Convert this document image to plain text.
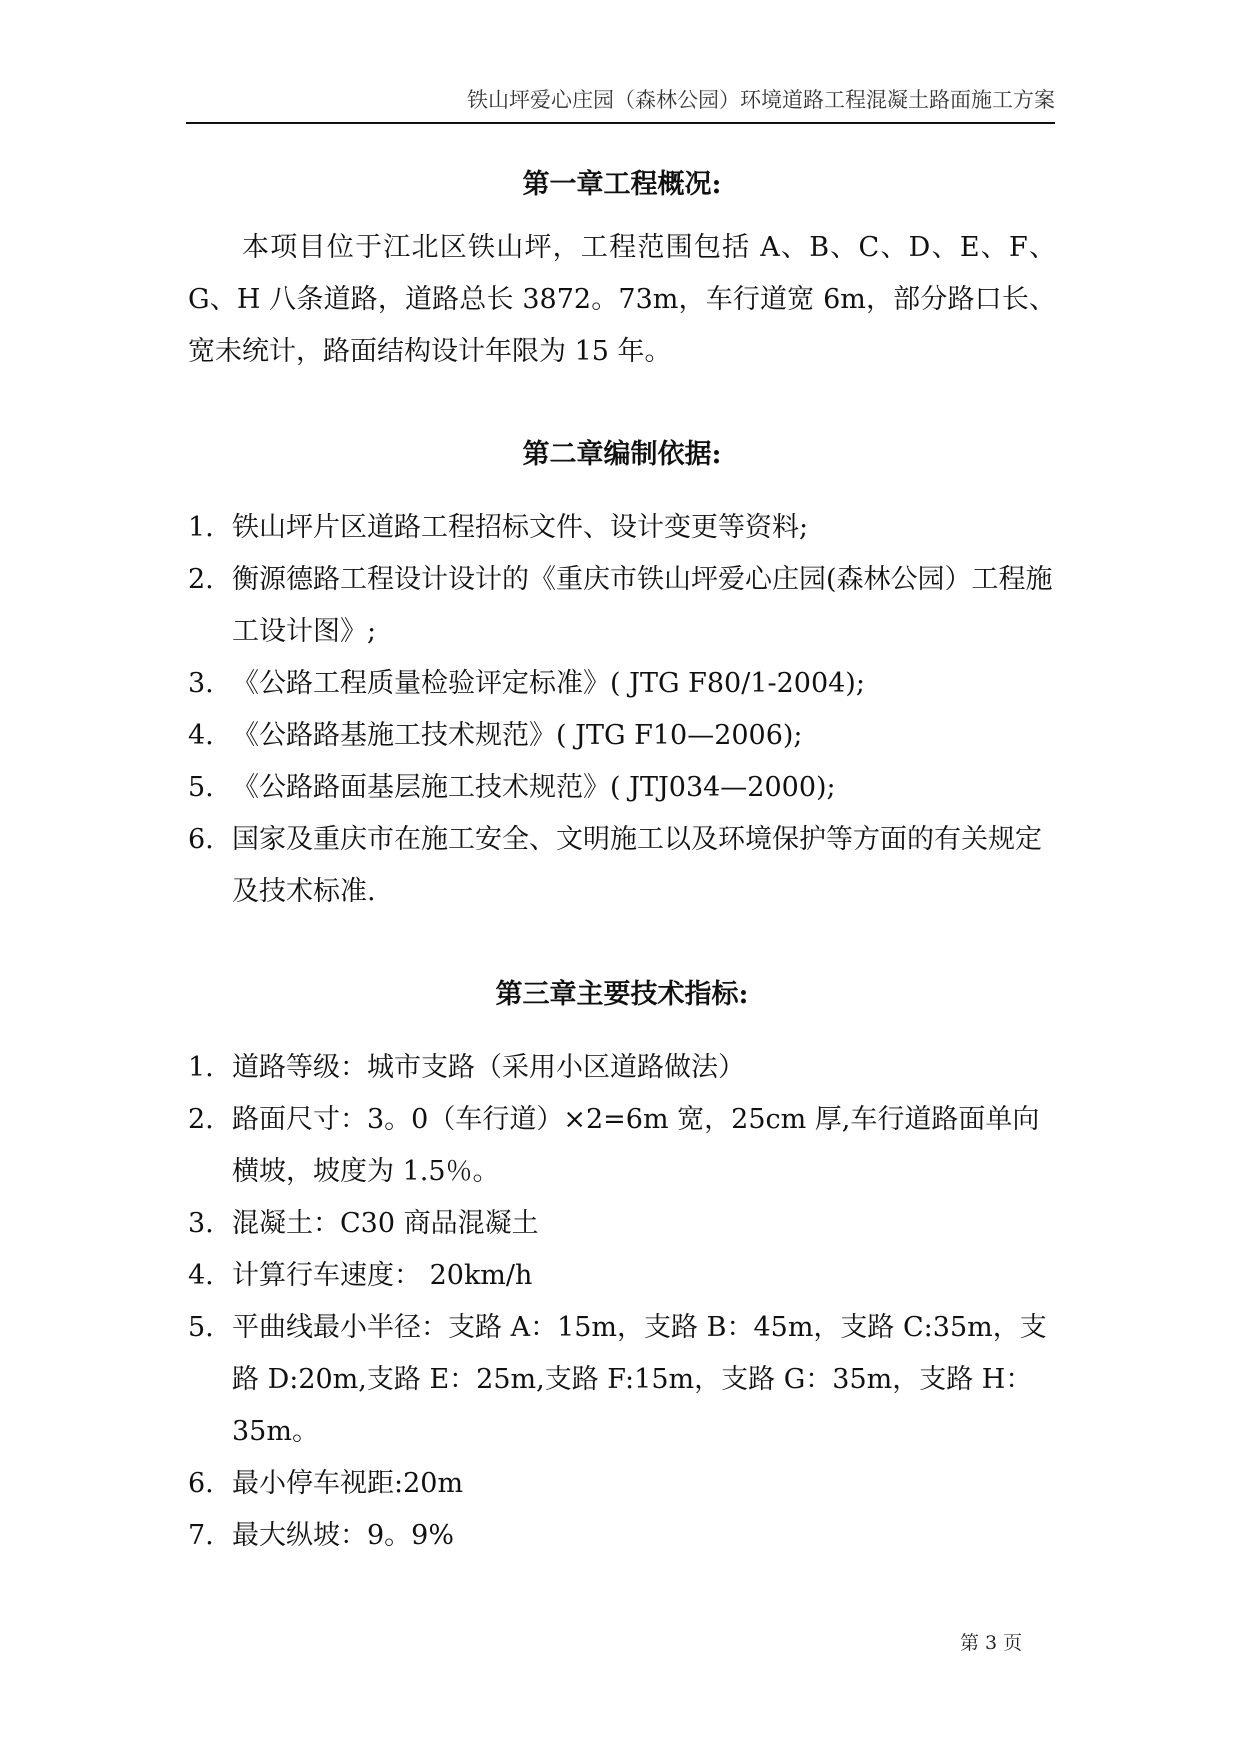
铁山坪爱心庄园（森林公园）环境道路工程混凝土路面施工方案
第一章工程概况:

本项目位于江北区铁山坪，工程范围包括 A、B、C、D、E、F、G、H 八条道路，道路总长 3872。73m，车行道宽 6m，部分路口长、宽未统计，路面结构设计年限为 15 年。

第二章编制依据:
1. 铁山坪片区道路工程招标文件、设计变更等资料;
2. 衡源德路工程设计设计的《重庆市铁山坪爱心庄园(森林公园）工程施工设计图》;
3. 《公路工程质量检验评定标准》( JTG F80/1-2004);
4. 《公路路基施工技术规范》( JTG F10—2006);
5. 《公路路面基层施工技术规范》( JTJ034—2000);
6. 国家及重庆市在施工安全、文明施工以及环境保护等方面的有关规定及技术标准.
第三章主要技术指标:
1. 道路等级：城市支路（采用小区道路做法）
2. 路面尺寸：3。0（车行道）×2=6m 宽，25cm 厚,车行道路面单向横坡，坡度为 1.5％。
3. 混凝土：C30 商品混凝土
4. 计算行车速度： 20km/h
5. 平曲线最小半径：支路 A：15m，支路 B：45m，支路 C:35m，支路 D:20m,支路 E：25m,支路 F:15m，支路 G：35m，支路 H：35m。
6. 最小停车视距:20m
7. 最大纵坡：9。9%
第 3 页
